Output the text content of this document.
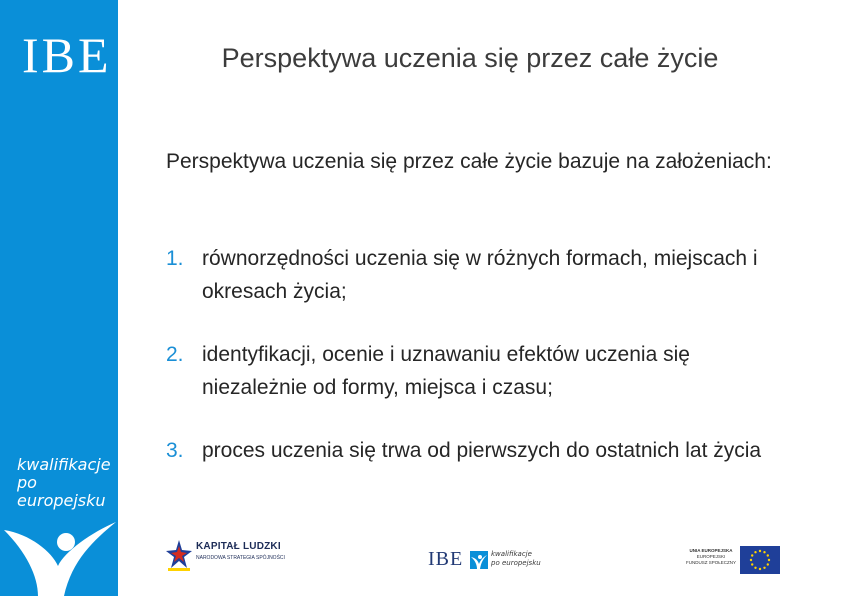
IBE
kwalifikacje
po europejsku
Perspektywa uczenia się przez całe życie
Perspektywa uczenia się przez całe życie bazuje na założeniach:
1. równorzędności uczenia się w różnych formach, miejscach i okresach życia;
2. identyfikacji, ocenie i uznawaniu efektów uczenia się niezależnie od formy, miejsca i czasu;
3. proces uczenia się trwa od pierwszych do ostatnich lat życia
KAPITAŁ LUDZKI
NARODOWA STRATEGIA SPÓJNOŚCI	IBE	kwalifikacje
po europejsku
UNIA EUROPEJSKA
EUROPEJSKI
FUNDUSZ SPOŁECZNY
